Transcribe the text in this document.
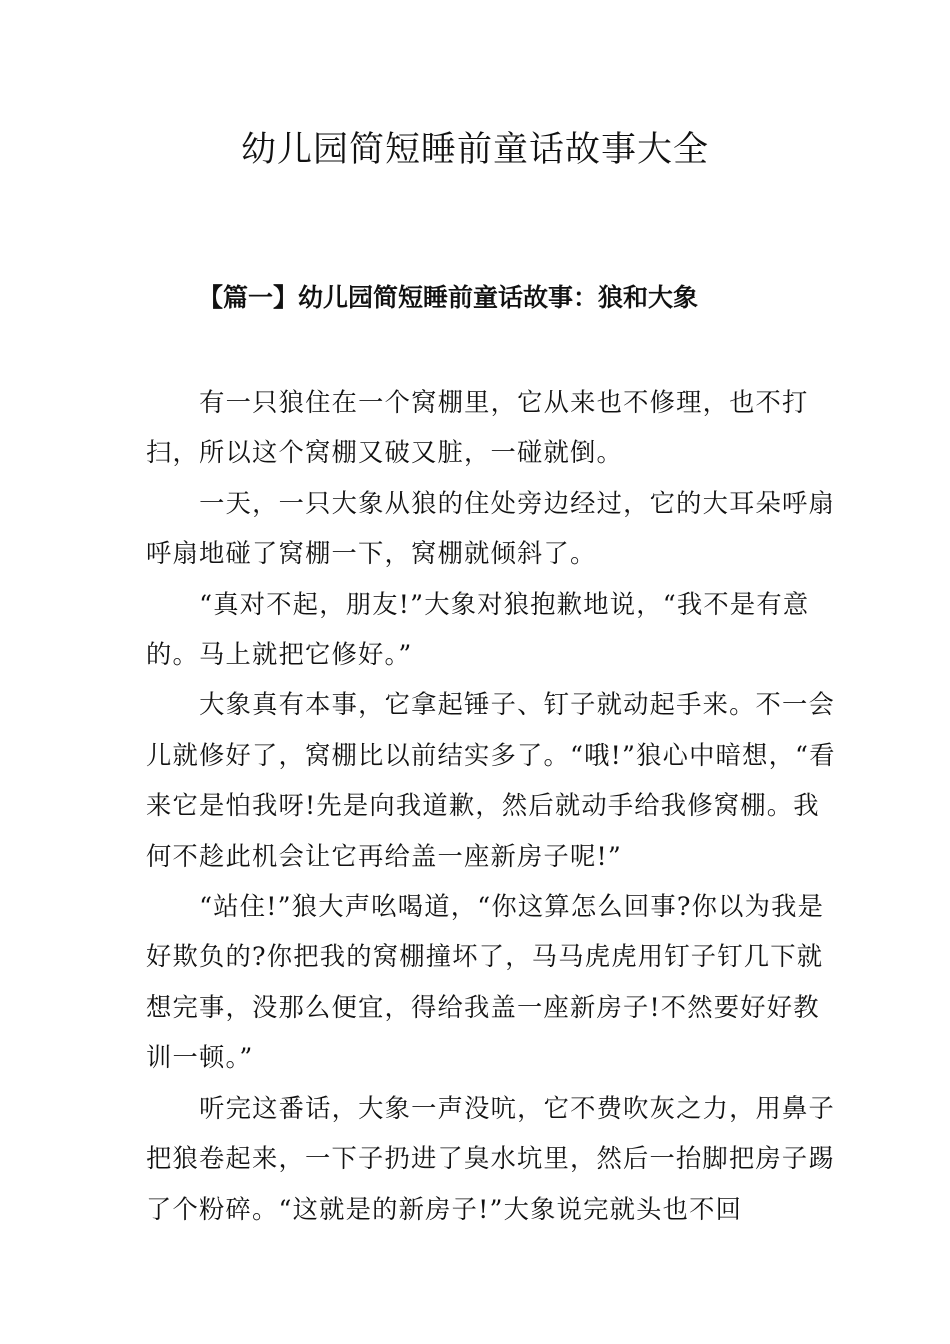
幼儿园简短睡前童话故事大全
【篇一】幼儿园简短睡前童话故事：狼和大象

有一只狼住在一个窝棚里，它从来也不修理，也不打扫，所以这个窝棚又破又脏，一碰就倒。

一天，一只大象从狼的住处旁边经过，它的大耳朵呼扇呼扇地碰了窝棚一下，窝棚就倾斜了。

“真对不起，朋友!”大象对狼抱歉地说，“我不是有意的。马上就把它修好。”

大象真有本事，它拿起锤子、钉子就动起手来。不一会儿就修好了，窝棚比以前结实多了。“哦!”狼心中暗想，“看来它是怕我呀!先是向我道歉，然后就动手给我修窝棚。我何不趁此机会让它再给盖一座新房子呢!”

“站住!”狼大声吆喝道，“你这算怎么回事?你以为我是好欺负的?你把我的窝棚撞坏了，马马虎虎用钉子钉几下就想完事，没那么便宜，得给我盖一座新房子!不然要好好教训一顿。”

听完这番话，大象一声没吭，它不费吹灰之力，用鼻子把狼卷起来，一下子扔进了臭水坑里，然后一抬脚把房子踢了个粉碎。“这就是的新房子!”大象说完就头也不回
